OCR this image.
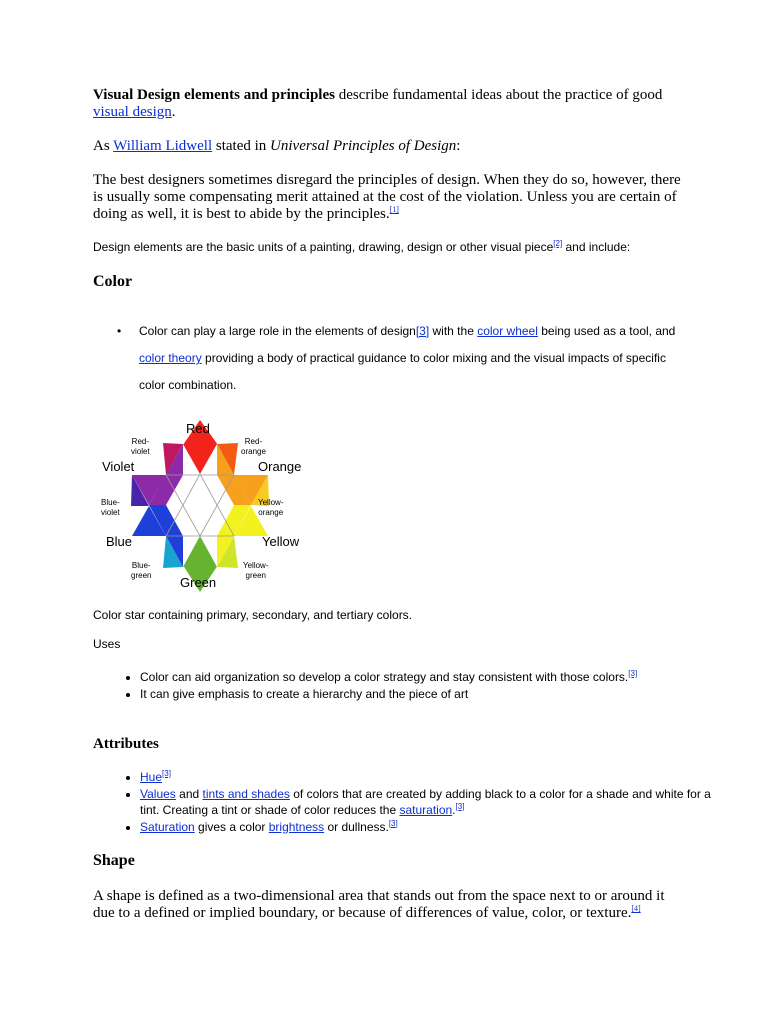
Visual Design elements and principles describe fundamental ideas about the practice of good visual design.
As William Lidwell stated in Universal Principles of Design:
The best designers sometimes disregard the principles of design. When they do so, however, there is usually some compensating merit attained at the cost of the violation. Unless you are certain of doing as well, it is best to abide by the principles.[1]
Design elements are the basic units of a painting, drawing, design or other visual piece[2] and include:
Color
• Color can play a large role in the elements of design[3] with the color wheel being used as a tool, and color theory providing a body of practical guidance to color mixing and the visual impacts of specific color combination.
Red
Red-
violet
Red-
orange
Violet	Orange
Blue-
violet
Yellow-
orange
Blue	Yellow
Blue-
green
Yellow-
green
Green
Color star containing primary, secondary, and tertiary colors.
Uses
• Color can aid organization so develop a color strategy and stay consistent with those colors.[3]
• It can give emphasis to create a hierarchy and the piece of art
Attributes
• Hue[3]
• Values and tints and shades of colors that are created by adding black to a color for a shade and white for a tint. Creating a tint or shade of color reduces the saturation.[3]
• Saturation gives a color brightness or dullness.[3]
Shape
A shape is defined as a two-dimensional area that stands out from the space next to or around it due to a defined or implied boundary, or because of differences of value, color, or texture.[4]
